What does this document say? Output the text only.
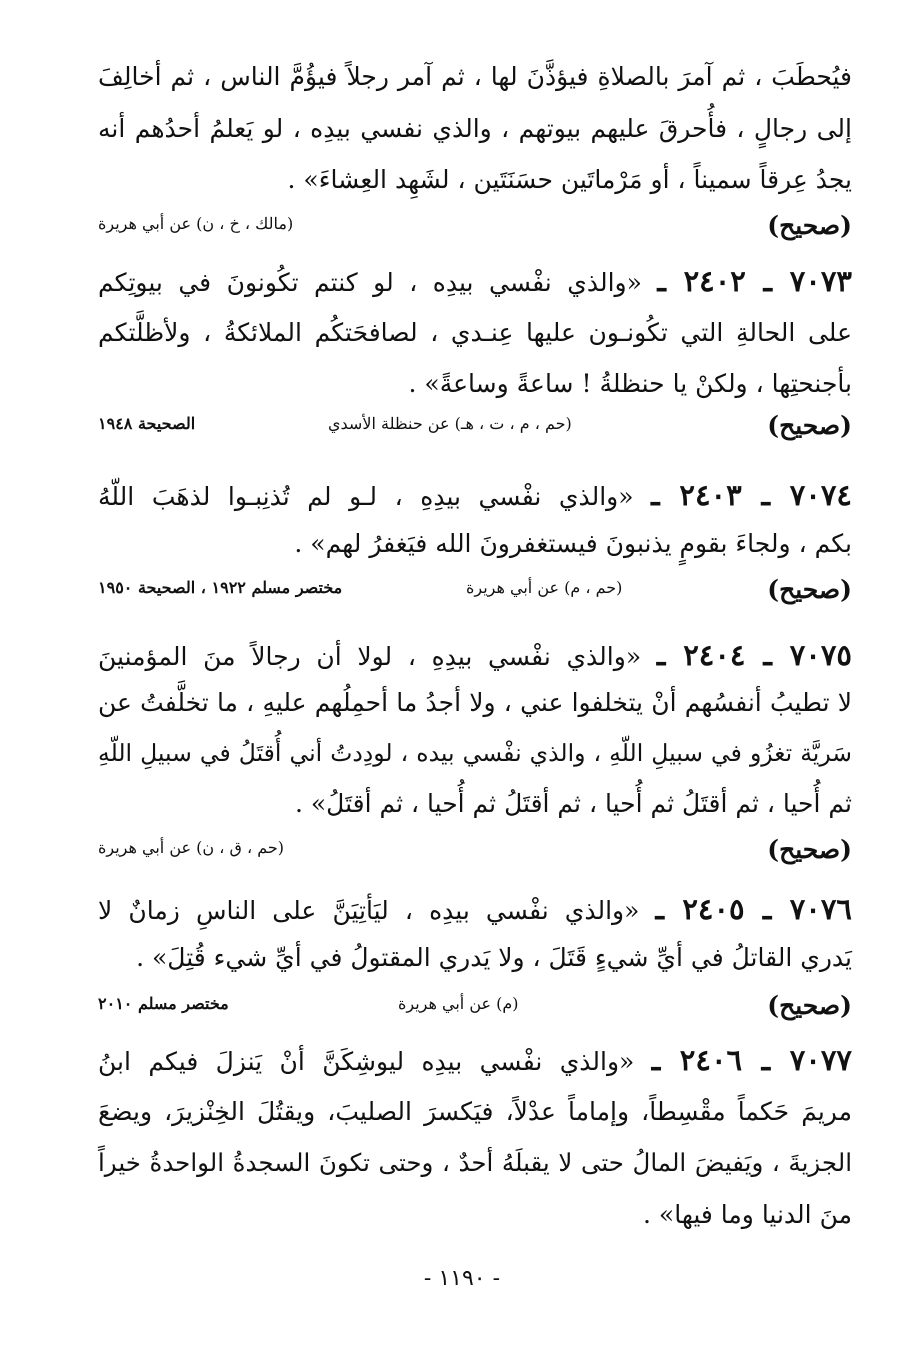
فيُحطَبَ ، ثم آمرَ بالصلاةِ فيؤذَّنَ لها ، ثم آمر رجلاً فيؤُمَّ الناس ، ثم أخالِفَ
إلى رجالٍ ، فأُحرقَ عليهم بيوتهم ، والذي نفسي بيدِه ، لو يَعلمُ أحدُهم أنه
يجدُ عِرقاً سميناً ، أو مَرْماتَين حسَنَتَين ، لشَهِد العِشاءَ» .
(صحيح)
(مالك ، خ ، ن) عن أبي هريرة
٧٠٧٣ ـ ٢٤٠٢ ـ «والذي نفْسي بيدِه ، لو كنتم تكُونونَ في بيوتِكم
على الحالةِ التي تكُونـون عليها عِنـدي ، لصافحَتكُم الملائكةُ ، ولأظلَّتكم
بأجنحتِها ، ولكنْ يا حنظلةُ ! ساعةً وساعةً» .
(صحيح)
(حم ، م ، ت ، هـ) عن حنظلة الأسدي
الصحيحة ١٩٤٨
٧٠٧٤ ـ ٢٤٠٣ ـ «والذي نفْسي بيدِهِ ، لـو لم تُذنِبـوا لذهَبَ اللّهُ
بكم ، ولجاءَ بقومٍ يذنبونَ فيستغفرونَ الله فيَغفرُ لهم» .
(صحيح)
(حم ، م) عن أبي هريرة
مختصر مسلم ١٩٢٢ ، الصحيحة ١٩٥٠
٧٠٧٥ ـ ٢٤٠٤ ـ «والذي نفْسي بيدِهِ ، لولا أن رجالاً منَ المؤمنينَ
لا تطيبُ أنفسُهم أنْ يتخلفوا عني ، ولا أجدُ ما أحمِلُهم عليهِ ، ما تخلَّفتُ عن
سَريَّة تغزُو في سبيلِ اللّهِ ، والذي نفْسي بيده ، لودِدتُ أني أُقتَلُ في سبيلِ اللّهِ
ثم أُحيا ، ثم أقتَلُ ثم أُحيا ، ثم أقتَلُ ثم أُحيا ، ثم أقتَلُ» .
(صحيح)
(حم ، ق ، ن) عن أبي هريرة
٧٠٧٦ ـ ٢٤٠٥ ـ «والذي نفْسي بيدِه ، ليَأتِيَنَّ على الناسِ زمانٌ لا
يَدري القاتلُ في أيِّ شيءٍ قَتَلَ ، ولا يَدري المقتولُ في أيِّ شيء قُتِلَ» .
(صحيح)
(م) عن أبي هريرة
مختصر مسلم ٢٠١٠
٧٠٧٧ ـ ٢٤٠٦ ـ «والذي نفْسي بيدِه ليوشِكَنَّ أنْ يَنزلَ فيكم ابنُ
مريمَ حَكماً مقْسِطاً، وإماماً عدْلاً، فيَكسرَ الصليبَ، ويقتُلَ الخِنْزيرَ، ويضعَ
الجزيةَ ، ويَفيضَ المالُ حتى لا يقبلَهُ أحدٌ ، وحتى تكونَ السجدةُ الواحدةُ خيراً
منَ الدنيا وما فيها» .
- ١١٩٠ -
